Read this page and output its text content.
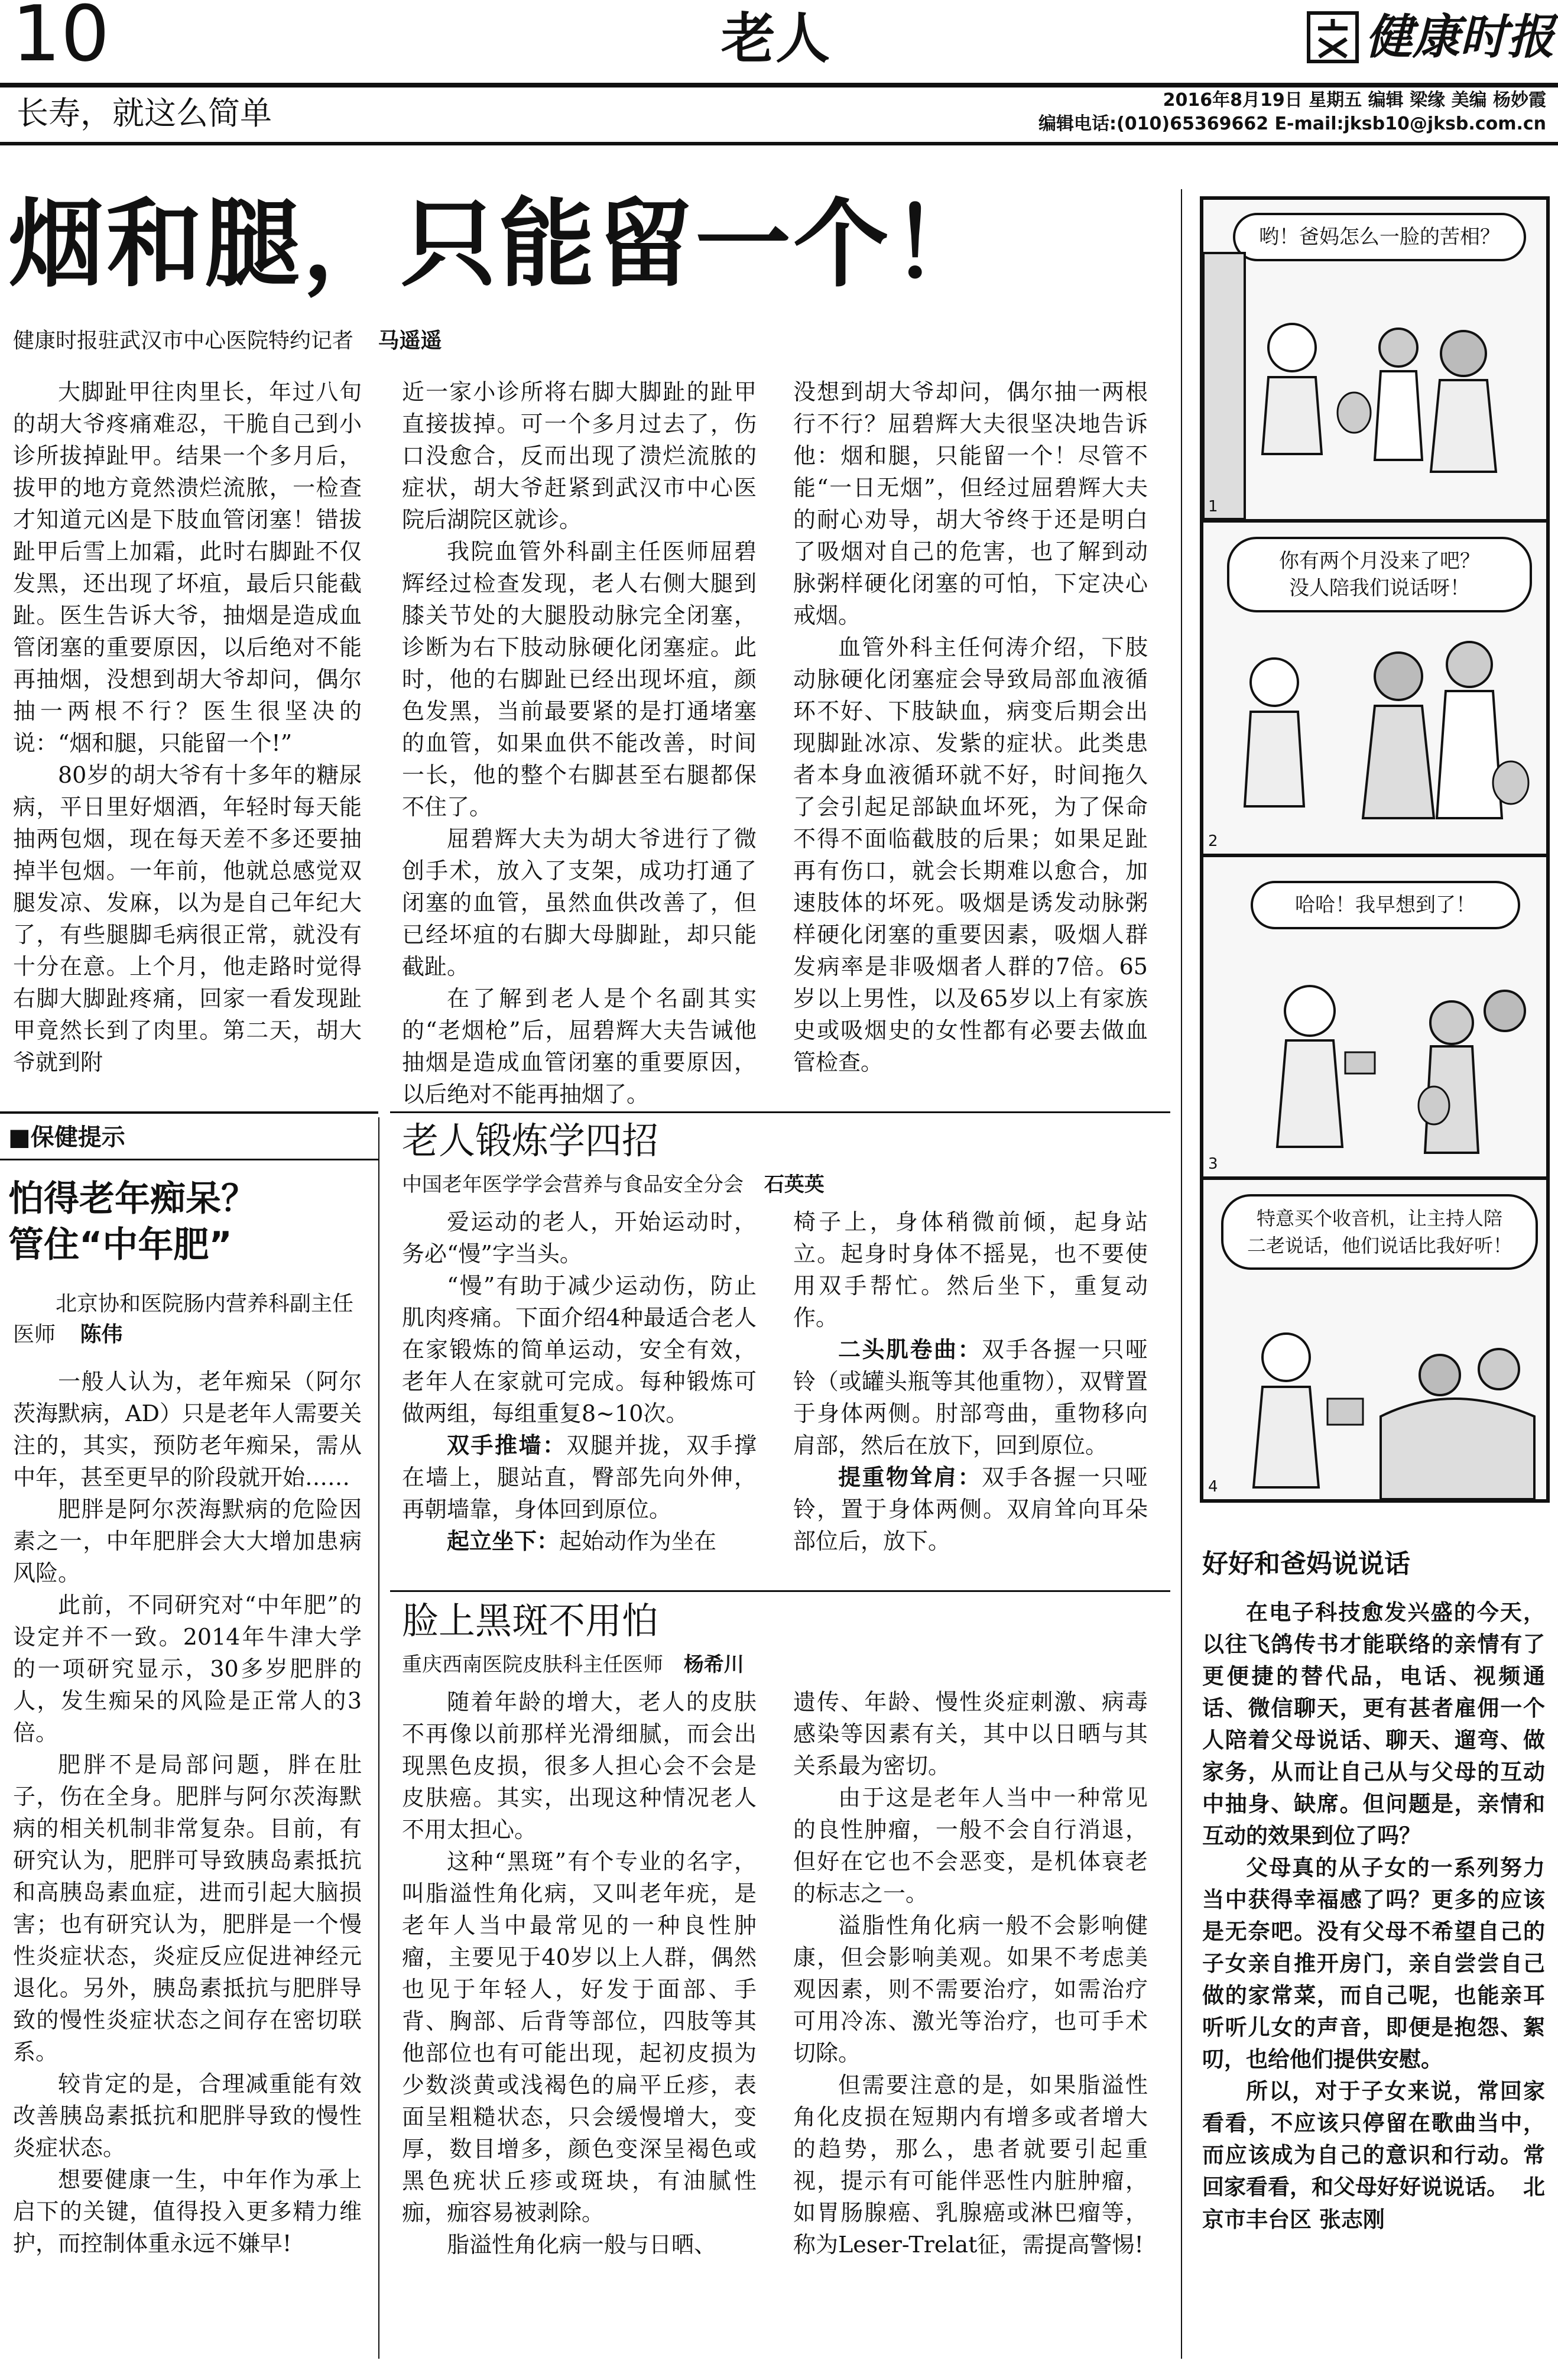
10	老人	健康时报
长寿，就这么简单	2016年8月19日 星期五 编辑 梁缘 美编 杨妙霞
编辑电话:(010)65369662 E-mail:jksb10@jksb.com.cn
烟和腿，只能留一个！
健康时报驻武汉市中心医院特约记者 马遥遥

大脚趾甲往肉里长，年过八旬的胡大爷疼痛难忍，干脆自己到小诊所拔掉趾甲。结果一个多月后，拔甲的地方竟然溃烂流脓，一检查才知道元凶是下肢血管闭塞！错拔趾甲后雪上加霜，此时右脚趾不仅发黑，还出现了坏疽，最后只能截趾。医生告诉大爷，抽烟是造成血管闭塞的重要原因，以后绝对不能再抽烟，没想到胡大爷却问，偶尔抽一两根不行？医生很坚决的说：“烟和腿，只能留一个!”

80岁的胡大爷有十多年的糖尿病，平日里好烟酒，年轻时每天能抽两包烟，现在每天差不多还要抽掉半包烟。一年前，他就总感觉双腿发凉、发麻，以为是自己年纪大了，有些腿脚毛病很正常，就没有十分在意。上个月，他走路时觉得右脚大脚趾疼痛，回家一看发现趾甲竟然长到了肉里。第二天，胡大爷就到附

近一家小诊所将右脚大脚趾的趾甲直接拔掉。可一个多月过去了，伤口没愈合，反而出现了溃烂流脓的症状，胡大爷赶紧到武汉市中心医院后湖院区就诊。

我院血管外科副主任医师屈碧辉经过检查发现，老人右侧大腿到膝关节处的大腿股动脉完全闭塞，诊断为右下肢动脉硬化闭塞症。此时，他的右脚趾已经出现坏疽，颜色发黑，当前最要紧的是打通堵塞的血管，如果血供不能改善，时间一长，他的整个右脚甚至右腿都保不住了。

屈碧辉大夫为胡大爷进行了微创手术，放入了支架，成功打通了闭塞的血管，虽然血供改善了，但已经坏疽的右脚大母脚趾，却只能截趾。

在了解到老人是个名副其实的“老烟枪”后，屈碧辉大夫告诫他抽烟是造成血管闭塞的重要原因，以后绝对不能再抽烟了。

没想到胡大爷却问，偶尔抽一两根行不行？屈碧辉大夫很坚决地告诉他：烟和腿，只能留一个！尽管不能“一日无烟”，但经过屈碧辉大夫的耐心劝导，胡大爷终于还是明白了吸烟对自己的危害，也了解到动脉粥样硬化闭塞的可怕，下定决心戒烟。

血管外科主任何涛介绍，下肢动脉硬化闭塞症会导致局部血液循环不好、下肢缺血，病变后期会出现脚趾冰凉、发紫的症状。此类患者本身血液循环就不好，时间拖久了会引起足部缺血坏死，为了保命不得不面临截肢的后果；如果足趾再有伤口，就会长期难以愈合，加速肢体的坏死。吸烟是诱发动脉粥样硬化闭塞的重要因素，吸烟人群发病率是非吸烟者人群的7倍。65岁以上男性，以及65岁以上有家族史或吸烟史的女性都有必要去做血管检查。

■保健提示
怕得老年痴呆？
管住“中年肥”
北京协和医院肠内营养科副主任医师 陈伟

一般人认为，老年痴呆（阿尔茨海默病，AD）只是老年人需要关注的，其实，预防老年痴呆，需从中年，甚至更早的阶段就开始……

肥胖是阿尔茨海默病的危险因素之一，中年肥胖会大大增加患病风险。

此前，不同研究对“中年肥”的设定并不一致。2014年牛津大学的一项研究显示，30多岁肥胖的人，发生痴呆的风险是正常人的3倍。

肥胖不是局部问题，胖在肚子，伤在全身。肥胖与阿尔茨海默病的相关机制非常复杂。目前，有研究认为，肥胖可导致胰岛素抵抗和高胰岛素血症，进而引起大脑损害；也有研究认为，肥胖是一个慢性炎症状态，炎症反应促进神经元退化。另外，胰岛素抵抗与肥胖导致的慢性炎症状态之间存在密切联系。

较肯定的是，合理减重能有效改善胰岛素抵抗和肥胖导致的慢性炎症状态。

想要健康一生，中年作为承上启下的关键，值得投入更多精力维护，而控制体重永远不嫌早!

老人锻炼学四招
中国老年医学学会营养与食品安全分会 石英英

爱运动的老人，开始运动时，务必“慢”字当头。

“慢”有助于减少运动伤，防止肌肉疼痛。下面介绍4种最适合老人在家锻炼的简单运动，安全有效，老年人在家就可完成。每种锻炼可做两组，每组重复8~10次。

双手推墙：双腿并拢，双手撑在墙上，腿站直，臀部先向外伸，再朝墙靠，身体回到原位。

起立坐下：起始动作为坐在

椅子上，身体稍微前倾，起身站立。起身时身体不摇晃，也不要使用双手帮忙。然后坐下，重复动作。

二头肌卷曲：双手各握一只哑铃（或罐头瓶等其他重物），双臂置于身体两侧。肘部弯曲，重物移向肩部，然后在放下，回到原位。

提重物耸肩：双手各握一只哑铃，置于身体两侧。双肩耸向耳朵部位后，放下。

脸上黑斑不用怕
重庆西南医院皮肤科主任医师 杨希川

随着年龄的增大，老人的皮肤不再像以前那样光滑细腻，而会出现黑色皮损，很多人担心会不会是皮肤癌。其实，出现这种情况老人不用太担心。

这种“黑斑”有个专业的名字，叫脂溢性角化病，又叫老年疣，是老年人当中最常见的一种良性肿瘤，主要见于40岁以上人群，偶然也见于年轻人，好发于面部、手背、胸部、后背等部位，四肢等其他部位也有可能出现，起初皮损为少数淡黄或浅褐色的扁平丘疹，表面呈粗糙状态，只会缓慢增大，变厚，数目增多，颜色变深呈褐色或黑色疣状丘疹或斑块，有油腻性痂，痂容易被剥除。

脂溢性角化病一般与日晒、

遗传、年龄、慢性炎症刺激、病毒感染等因素有关，其中以日晒与其关系最为密切。

由于这是老年人当中一种常见的良性肿瘤，一般不会自行消退，但好在它也不会恶变，是机体衰老的标志之一。

溢脂性角化病一般不会影响健康，但会影响美观。如果不考虑美观因素，则不需要治疗，如需治疗可用冷冻、激光等治疗，也可手术切除。

但需要注意的是，如果脂溢性角化皮损在短期内有增多或者增大的趋势，那么，患者就要引起重视，提示有可能伴恶性内脏肿瘤，如胃肠腺癌、乳腺癌或淋巴瘤等，称为Leser-Trelat征，需提高警惕!

哟！爸妈怎么一脸的苦相？
1
你有两个月没来了吧？
没人陪我们说话呀！
2
哈哈！我早想到了！
3
特意买个收音机，让主持人陪
二老说话，他们说话比我好听！
4
好好和爸妈说说话

在电子科技愈发兴盛的今天，以往飞鸽传书才能联络的亲情有了更便捷的替代品，电话、视频通话、微信聊天，更有甚者雇佣一个人陪着父母说话、聊天、遛弯、做家务，从而让自己从与父母的互动中抽身、缺席。但问题是，亲情和互动的效果到位了吗？

父母真的从子女的一系列努力当中获得幸福感了吗？更多的应该是无奈吧。没有父母不希望自己的子女亲自推开房门，亲自尝尝自己做的家常菜，而自己呢，也能亲耳听听儿女的声音，即便是抱怨、絮叨，也给他们提供安慰。

所以，对于子女来说，常回家看看，不应该只停留在歌曲当中，而应该成为自己的意识和行动。常回家看看，和父母好好说说话。 北京市丰台区 张志刚
